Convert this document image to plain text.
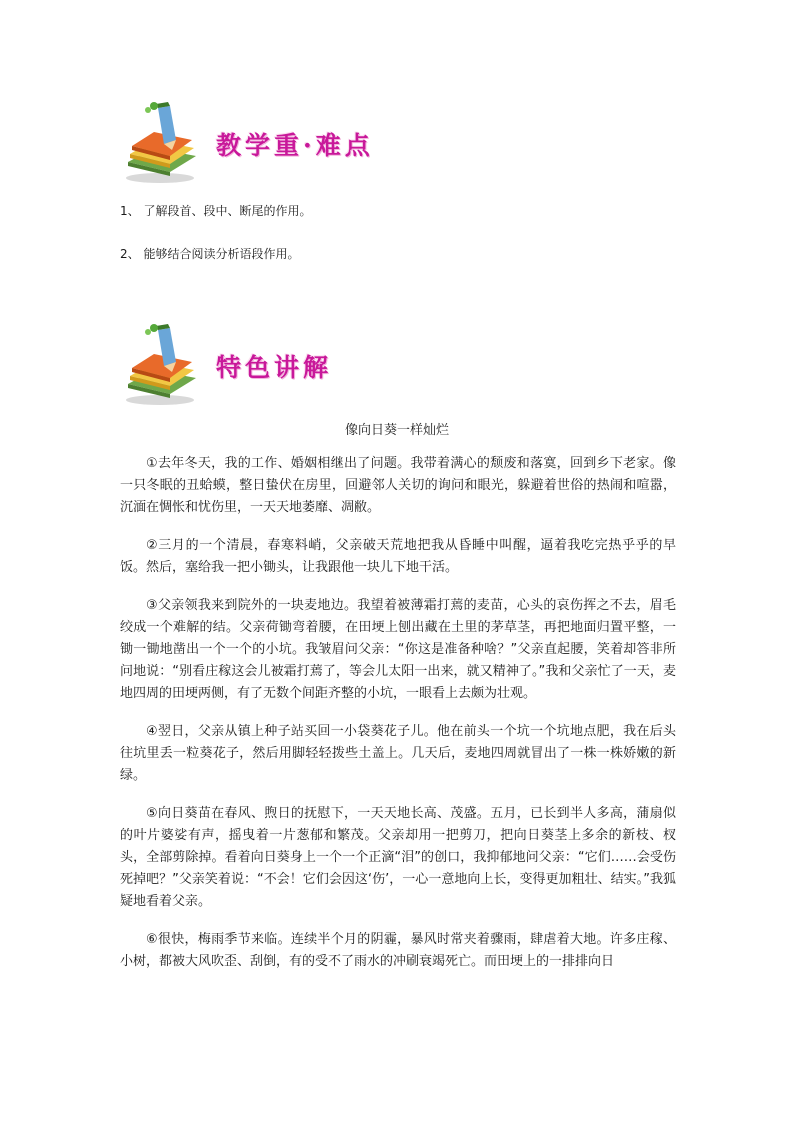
教学重·难点
1、 了解段首、段中、断尾的作用。
2、 能够结合阅读分析语段作用。
特色讲解
像向日葵一样灿烂

①去年冬天，我的工作、婚姻相继出了问题。我带着满心的颓废和落寞，回到乡下老家。像一只冬眠的丑蛤蟆，整日蛰伏在房里，回避邻人关切的询问和眼光，躲避着世俗的热闹和喧嚣，沉湎在惆怅和忧伤里，一天天地萎靡、凋敝。

②三月的一个清晨，春寒料峭，父亲破天荒地把我从昏睡中叫醒，逼着我吃完热乎乎的早饭。然后，塞给我一把小锄头，让我跟他一块儿下地干活。

③父亲领我来到院外的一块麦地边。我望着被薄霜打蔫的麦苗，心头的哀伤挥之不去，眉毛绞成一个难解的结。父亲荷锄弯着腰，在田埂上刨出藏在土里的茅草茎，再把地面归置平整，一锄一锄地凿出一个一个的小坑。我皱眉问父亲：“你这是准备种啥？”父亲直起腰，笑着却答非所问地说：“别看庄稼这会儿被霜打蔫了，等会儿太阳一出来，就又精神了。”我和父亲忙了一天，麦地四周的田埂两侧，有了无数个间距齐整的小坑，一眼看上去颇为壮观。

④翌日，父亲从镇上种子站买回一小袋葵花子儿。他在前头一个坑一个坑地点肥，我在后头往坑里丢一粒葵花子，然后用脚轻轻拨些土盖上。几天后，麦地四周就冒出了一株一株娇嫩的新绿。

⑤向日葵苗在春风、煦日的抚慰下，一天天地长高、茂盛。五月，已长到半人多高，蒲扇似的叶片婆娑有声，摇曳着一片葱郁和繁茂。父亲却用一把剪刀，把向日葵茎上多余的新枝、杈头，全部剪除掉。看着向日葵身上一个一个正滴“泪”的创口，我抑郁地问父亲：“它们……会受伤死掉吧？”父亲笑着说：“不会！它们会因这‘伤’，一心一意地向上长，变得更加粗壮、结实。”我狐疑地看着父亲。

⑥很快，梅雨季节来临。连续半个月的阴霾，暴风时常夹着骤雨，肆虐着大地。许多庄稼、小树，都被大风吹歪、刮倒，有的受不了雨水的冲刷衰竭死亡。而田埂上的一排排向日
